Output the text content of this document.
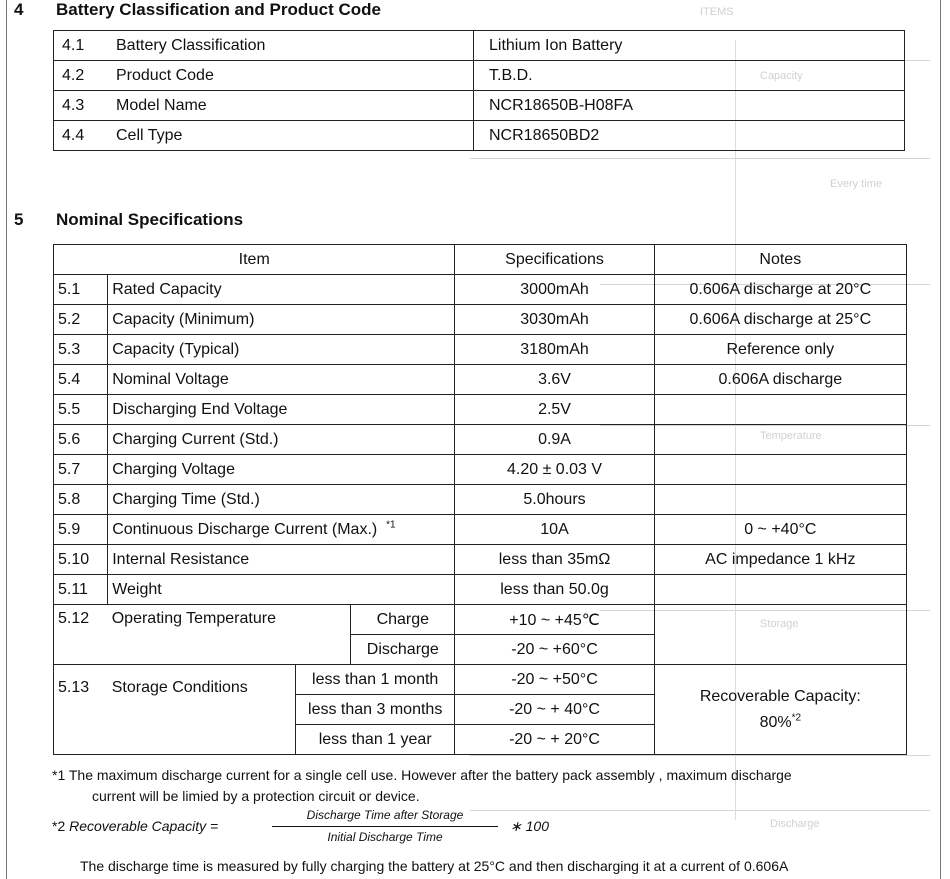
ITEMS
Capacity
Every time
Temperature
Storage
Discharge
4 Battery Classification and Product Code
4.1	Battery Classification	Lithium Ion Battery
4.2	Product Code	T.B.D.
4.3	Model Name	NCR18650B-H08FA
4.4	Cell Type	NCR18650BD2
5 Nominal Specifications
Item				Specifications	Notes
5.1	Rated Capacity			3000mAh	0.606A discharge at 20°C
5.2	Capacity (Minimum)			3030mAh	0.606A discharge at 25°C
5.3	Capacity (Typical)			3180mAh	Reference only
5.4	Nominal Voltage			3.6V	0.606A discharge
5.5	Discharging End Voltage			2.5V	
5.6	Charging Current (Std.)			0.9A	
5.7	Charging Voltage			4.20 ± 0.03 V	
5.8	Charging Time (Std.)			5.0hours	
5.9	Continuous Discharge Current (Max.) $^{*1}$			10A	0 ~ +40°C
5.10	Internal Resistance			less than 35mΩ	AC impedance 1 kHz
5.11	Weight			less than 50.0g	
5.12	Operating Temperature		Charge	+10 ~ +45℃	
			Discharge	-20 ~ +60°C	
5.13	Storage Conditions	less than 1 month		-20 ~ +50°C	Recoverable Capacity:
80%$^{*2}$

		less than 3 months		-20 ~ + 40°C	
		less than 1 year		-20 ~ + 20°C	
*1 The maximum discharge current for a single cell use. However after the battery pack assembly , maximum discharge
current will be limied by a protection circuit or device.
*2 Recoverable Capacity =
Discharge Time after Storage
Initial Discharge Time
∗ 100
The discharge time is measured by fully charging the battery at 25°C and then discharging it at a current of 0.606A
